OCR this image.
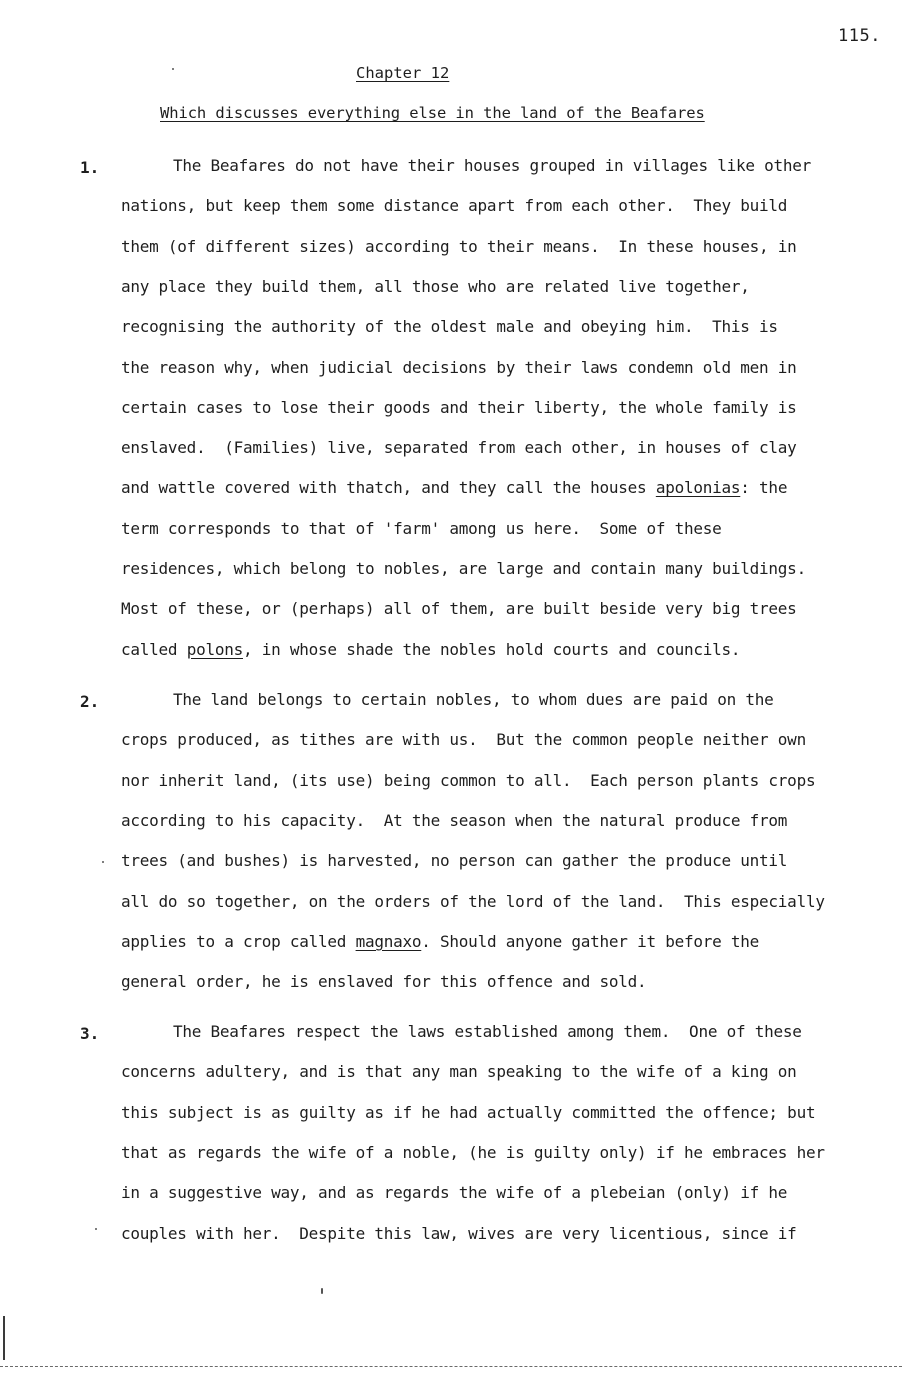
115.
Chapter 12
Which discusses everything else in the land of the Beafares
1.	The Beafares do not have their houses grouped in villages like other
nations, but keep them some distance apart from each other.  They build
them (of different sizes) according to their means.  In these houses, in
any place they build them, all those who are related live together,
recognising the authority of the oldest male and obeying him.  This is
the reason why, when judicial decisions by their laws condemn old men in
certain cases to lose their goods and their liberty, the whole family is
enslaved.  (Families) live, separated from each other, in houses of clay
and wattle covered with thatch, and they call the houses apolonias: the
term corresponds to that of 'farm' among us here.  Some of these
residences, which belong to nobles, are large and contain many buildings.
Most of these, or (perhaps) all of them, are built beside very big trees
called polons, in whose shade the nobles hold courts and councils.
2.	The land belongs to certain nobles, to whom dues are paid on the
crops produced, as tithes are with us.  But the common people neither own
nor inherit land, (its use) being common to all.  Each person plants crops
according to his capacity.  At the season when the natural produce from
trees (and bushes) is harvested, no person can gather the produce until
all do so together, on the orders of the lord of the land.  This especially
applies to a crop called magnaxo. Should anyone gather it before the
general order, he is enslaved for this offence and sold.
3.	The Beafares respect the laws established among them.  One of these
concerns adultery, and is that any man speaking to the wife of a king on
this subject is as guilty as if he had actually committed the offence; but
that as regards the wife of a noble, (he is guilty only) if he embraces her
in a suggestive way, and as regards the wife of a plebeian (only) if he
couples with her.  Despite this law, wives are very licentious, since if
